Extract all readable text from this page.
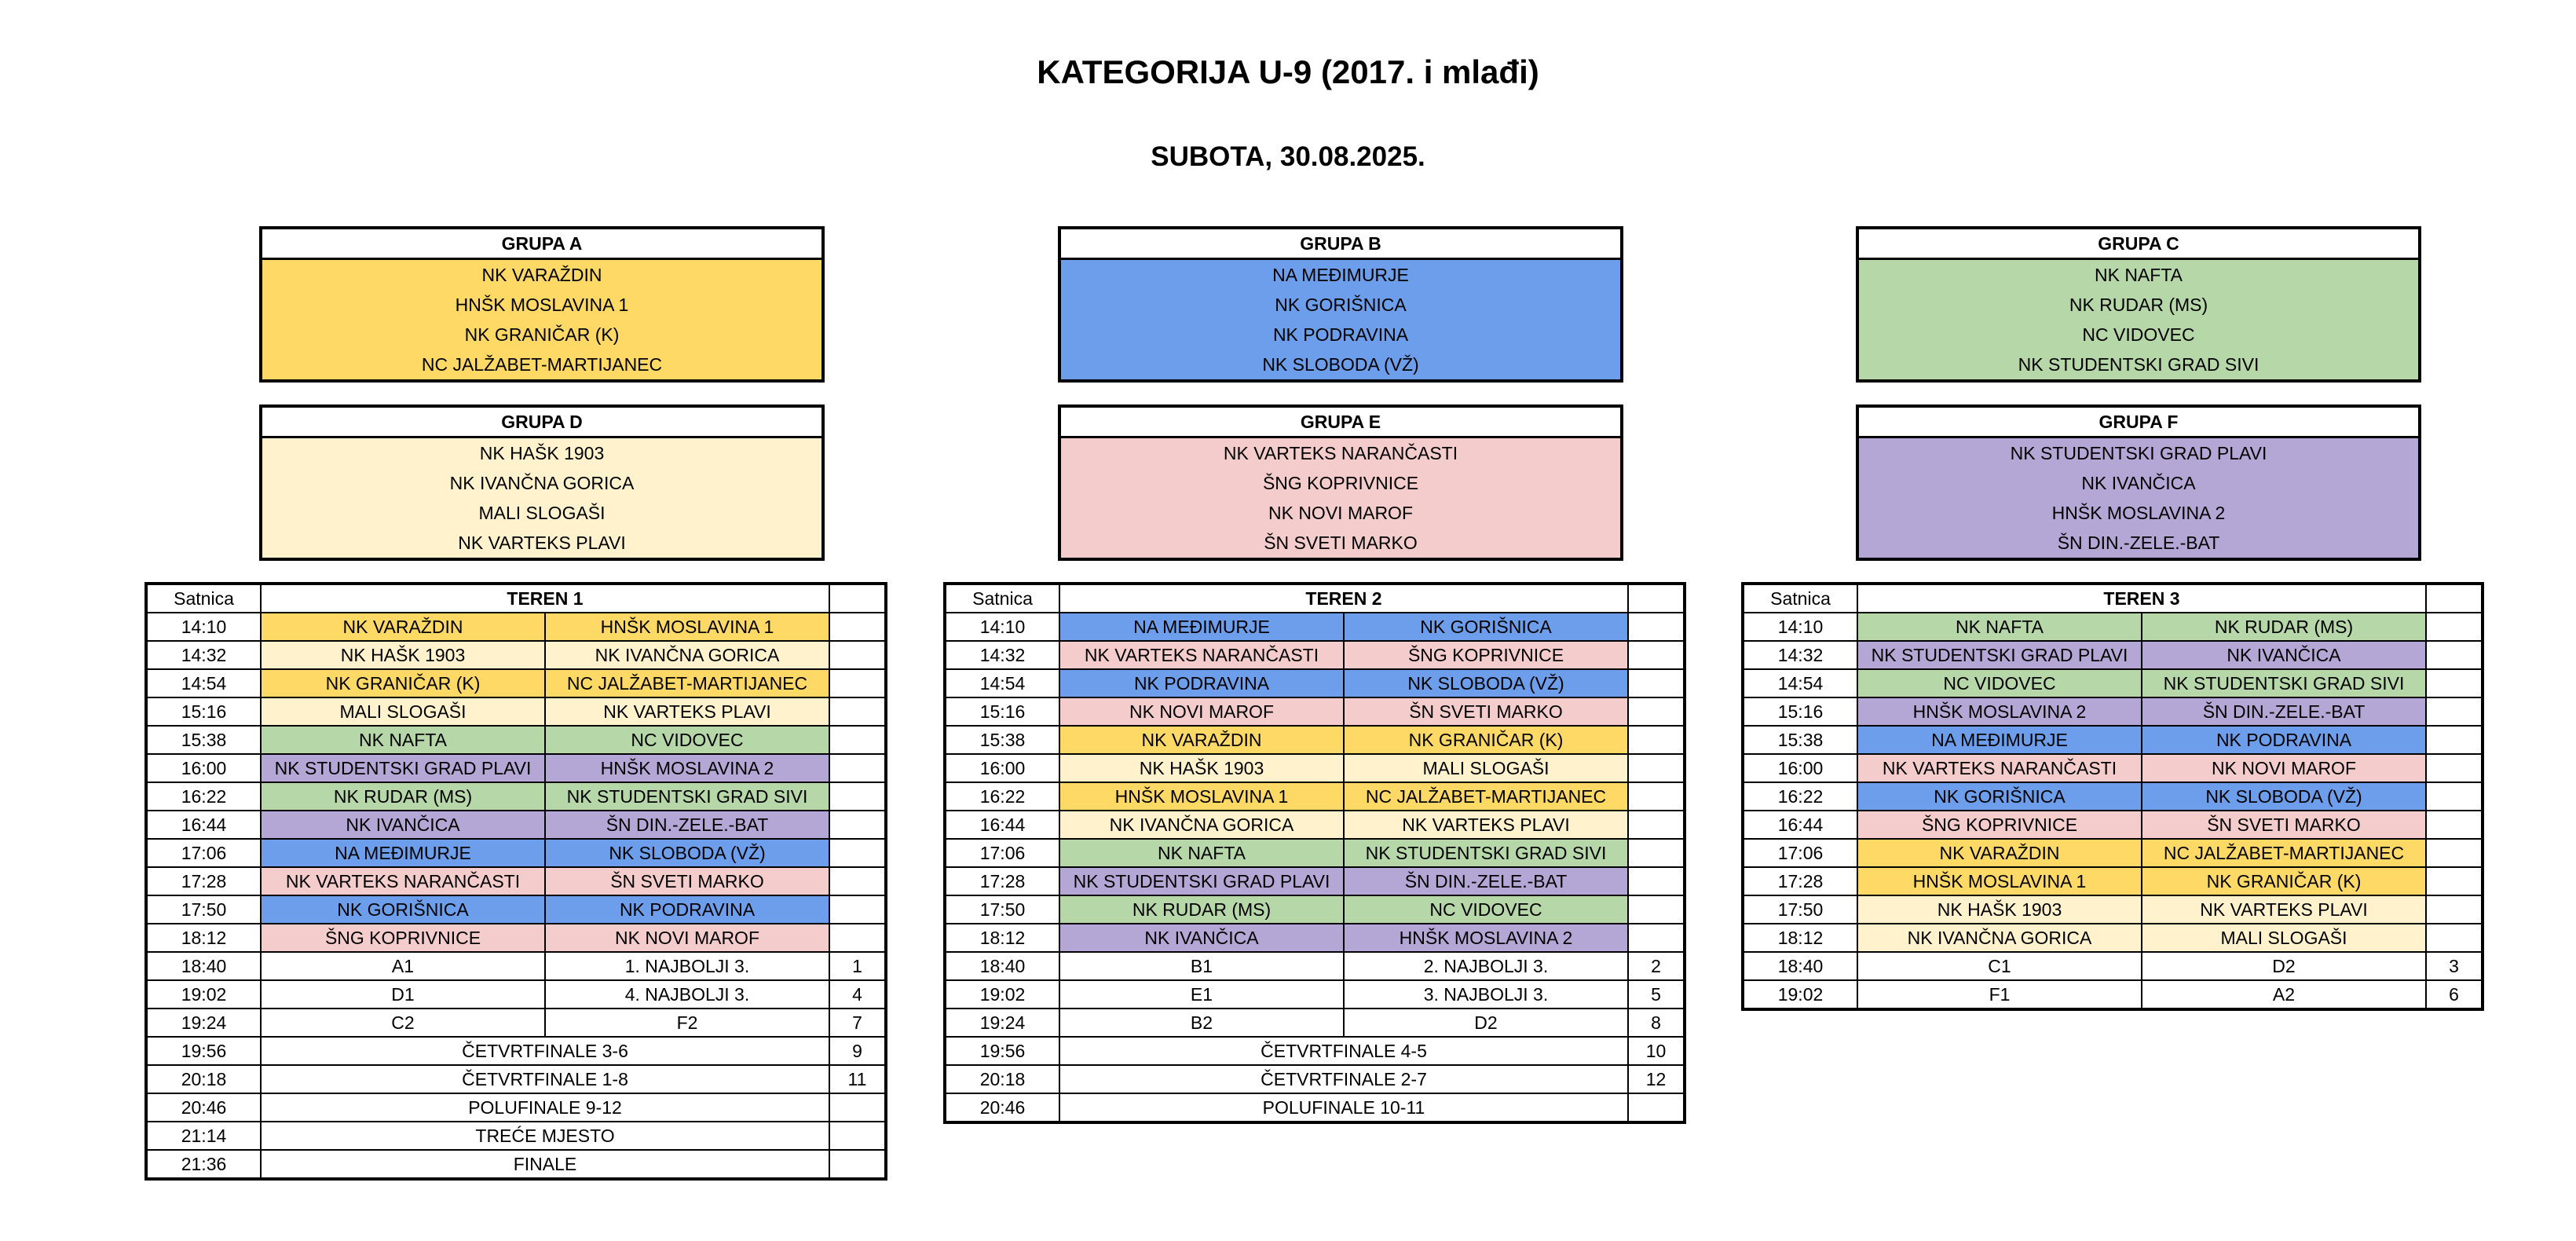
KATEGORIJA U-9 (2017. i mlađi)
SUBOTA, 30.08.2025.
GRUPA A
NK VARAŽDIN
HNŠK MOSLAVINA 1
NK GRANIČAR (K)
NC JALŽABET-MARTIJANEC
GRUPA B
NA MEĐIMURJE
NK GORIŠNICA
NK PODRAVINA
NK SLOBODA (VŽ)
GRUPA C
NK NAFTA
NK RUDAR (MS)
NC VIDOVEC
NK STUDENTSKI GRAD SIVI
GRUPA D
NK HAŠK 1903
NK IVANČNA GORICA
MALI SLOGAŠI
NK VARTEKS PLAVI
GRUPA E
NK VARTEKS NARANČASTI
ŠNG KOPRIVNICE
NK NOVI MAROF
ŠN SVETI MARKO
GRUPA F
NK STUDENTSKI GRAD PLAVI
NK IVANČICA
HNŠK MOSLAVINA 2
ŠN DIN.-ZELE.-BAT
Satnica	TEREN 1		
14:10	NK VARAŽDIN	HNŠK MOSLAVINA 1	
14:32	NK HAŠK 1903	NK IVANČNA GORICA	
14:54	NK GRANIČAR (K)	NC JALŽABET-MARTIJANEC	
15:16	MALI SLOGAŠI	NK VARTEKS PLAVI	
15:38	NK NAFTA	NC VIDOVEC	
16:00	NK STUDENTSKI GRAD PLAVI	HNŠK MOSLAVINA 2	
16:22	NK RUDAR (MS)	NK STUDENTSKI GRAD SIVI	
16:44	NK IVANČICA	ŠN DIN.-ZELE.-BAT	
17:06	NA MEĐIMURJE	NK SLOBODA (VŽ)	
17:28	NK VARTEKS NARANČASTI	ŠN SVETI MARKO	
17:50	NK GORIŠNICA	NK PODRAVINA	
18:12	ŠNG KOPRIVNICE	NK NOVI MAROF	
18:40	A1	1. NAJBOLJI 3.	1
19:02	D1	4. NAJBOLJI 3.	4
19:24	C2	F2	7
19:56	ČETVRTFINALE 3-6		9
20:18	ČETVRTFINALE 1-8		11
20:46	POLUFINALE 9-12		
21:14	TREĆE MJESTO		
21:36	FINALE		
Satnica	TEREN 2		
14:10	NA MEĐIMURJE	NK GORIŠNICA	
14:32	NK VARTEKS NARANČASTI	ŠNG KOPRIVNICE	
14:54	NK PODRAVINA	NK SLOBODA (VŽ)	
15:16	NK NOVI MAROF	ŠN SVETI MARKO	
15:38	NK VARAŽDIN	NK GRANIČAR (K)	
16:00	NK HAŠK 1903	MALI SLOGAŠI	
16:22	HNŠK MOSLAVINA 1	NC JALŽABET-MARTIJANEC	
16:44	NK IVANČNA GORICA	NK VARTEKS PLAVI	
17:06	NK NAFTA	NK STUDENTSKI GRAD SIVI	
17:28	NK STUDENTSKI GRAD PLAVI	ŠN DIN.-ZELE.-BAT	
17:50	NK RUDAR (MS)	NC VIDOVEC	
18:12	NK IVANČICA	HNŠK MOSLAVINA 2	
18:40	B1	2. NAJBOLJI 3.	2
19:02	E1	3. NAJBOLJI 3.	5
19:24	B2	D2	8
19:56	ČETVRTFINALE 4-5		10
20:18	ČETVRTFINALE 2-7		12
20:46	POLUFINALE 10-11		
Satnica	TEREN 3		
14:10	NK NAFTA	NK RUDAR (MS)	
14:32	NK STUDENTSKI GRAD PLAVI	NK IVANČICA	
14:54	NC VIDOVEC	NK STUDENTSKI GRAD SIVI	
15:16	HNŠK MOSLAVINA 2	ŠN DIN.-ZELE.-BAT	
15:38	NA MEĐIMURJE	NK PODRAVINA	
16:00	NK VARTEKS NARANČASTI	NK NOVI MAROF	
16:22	NK GORIŠNICA	NK SLOBODA (VŽ)	
16:44	ŠNG KOPRIVNICE	ŠN SVETI MARKO	
17:06	NK VARAŽDIN	NC JALŽABET-MARTIJANEC	
17:28	HNŠK MOSLAVINA 1	NK GRANIČAR (K)	
17:50	NK HAŠK 1903	NK VARTEKS PLAVI	
18:12	NK IVANČNA GORICA	MALI SLOGAŠI	
18:40	C1	D2	3
19:02	F1	A2	6
